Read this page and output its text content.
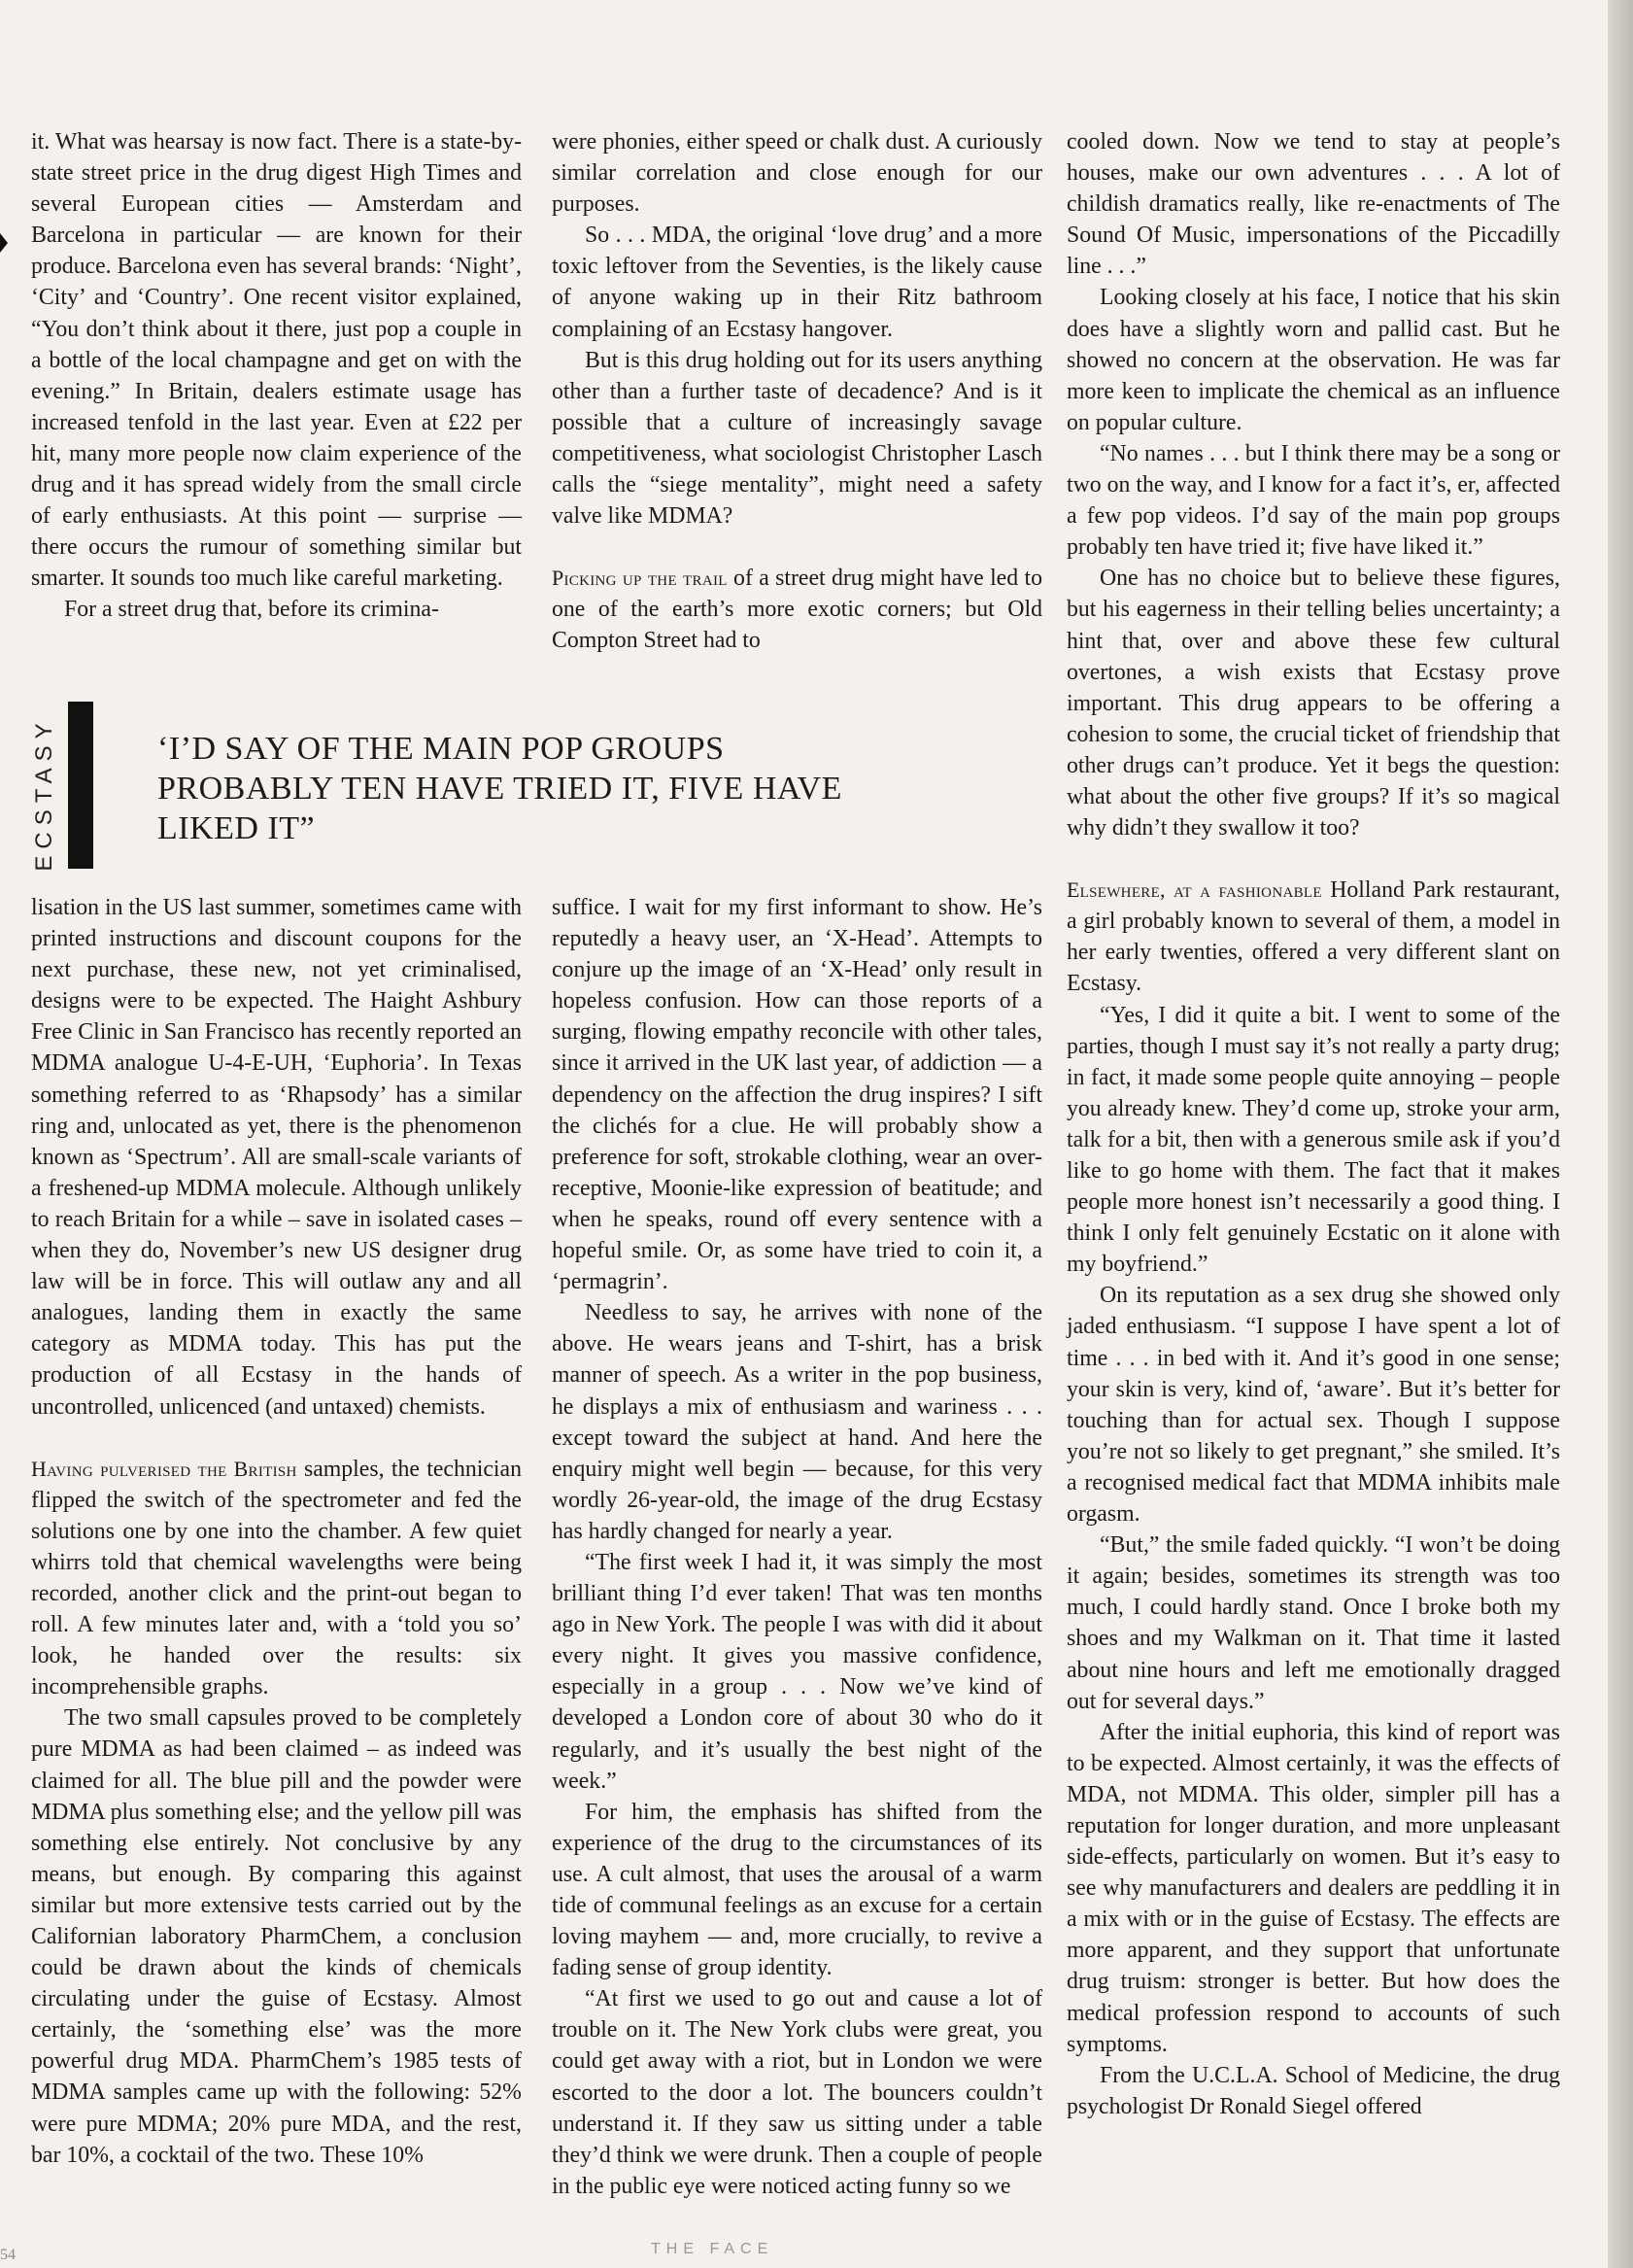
it. What was hearsay is now fact. There is a state-by-state street price in the drug digest High Times and several European cities — Amsterdam and Barcelona in particular — are known for their produce. Barcelona even has several brands: ‘Night’, ‘City’ and ‘Country’. One recent visitor explained, “You don’t think about it there, just pop a couple in a bottle of the local champagne and get on with the evening.” In Britain, dealers estimate usage has increased tenfold in the last year. Even at £22 per hit, many more people now claim experience of the drug and it has spread widely from the small circle of early enthusiasts. At this point — surprise — there occurs the rumour of something similar but smarter. It sounds too much like careful marketing.

For a street drug that, before its crimina-

were phonies, either speed or chalk dust. A curiously similar correlation and close enough for our purposes.

So . . . MDA, the original ‘love drug’ and a more toxic leftover from the Seventies, is the likely cause of anyone waking up in their Ritz bathroom complaining of an Ecstasy hangover.

But is this drug holding out for its users anything other than a further taste of decadence? And is it possible that a culture of increasingly savage competitiveness, what sociologist Christopher Lasch calls the “siege mentality”, might need a safety valve like MDMA?

Picking up the trail of a street drug might have led to one of the earth’s more exotic corners; but Old Compton Street had to

cooled down. Now we tend to stay at people’s houses, make our own adventures . . . A lot of childish dramatics really, like re-enactments of The Sound Of Music, impersonations of the Piccadilly line . . .”

Looking closely at his face, I notice that his skin does have a slightly worn and pallid cast. But he showed no concern at the observation. He was far more keen to implicate the chemical as an influence on popular culture.

“No names . . . but I think there may be a song or two on the way, and I know for a fact it’s, er, affected a few pop videos. I’d say of the main pop groups probably ten have tried it; five have liked it.”

One has no choice but to believe these figures, but his eagerness in their telling belies uncertainty; a hint that, over and above these few cultural overtones, a wish exists that Ecstasy prove important. This drug appears to be offering a cohesion to some, the crucial ticket of friendship that other drugs can’t produce. Yet it begs the question: what about the other five groups? If it’s so magical why didn’t they swallow it too?

Elsewhere, at a fashionable Holland Park restaurant, a girl probably known to several of them, a model in her early twenties, offered a very different slant on Ecstasy.

“Yes, I did it quite a bit. I went to some of the parties, though I must say it’s not really a party drug; in fact, it made some people quite annoying – people you already knew. They’d come up, stroke your arm, talk for a bit, then with a generous smile ask if you’d like to go home with them. The fact that it makes people more honest isn’t necessarily a good thing. I think I only felt genuinely Ecstatic on it alone with my boyfriend.”

On its reputation as a sex drug she showed only jaded enthusiasm. “I suppose I have spent a lot of time . . . in bed with it. And it’s good in one sense; your skin is very, kind of, ‘aware’. But it’s better for touching than for actual sex. Though I suppose you’re not so likely to get pregnant,” she smiled. It’s a recognised medical fact that MDMA inhibits male orgasm.

“But,” the smile faded quickly. “I won’t be doing it again; besides, sometimes its strength was too much, I could hardly stand. Once I broke both my shoes and my Walkman on it. That time it lasted about nine hours and left me emotionally dragged out for several days.”

After the initial euphoria, this kind of report was to be expected. Almost certainly, it was the effects of MDA, not MDMA. This older, simpler pill has a reputation for longer duration, and more unpleasant side-effects, particularly on women. But it’s easy to see why manufacturers and dealers are peddling it in a mix with or in the guise of Ecstasy. The effects are more apparent, and they support that unfortunate drug truism: stronger is better. But how does the medical profession respond to accounts of such symptoms.

From the U.C.L.A. School of Medicine, the drug psychologist Dr Ronald Siegel offered

ECSTASY	‘I’D SAY OF THE MAIN POP GROUPS
PROBABLY TEN HAVE TRIED IT, FIVE HAVE
LIKED IT”

lisation in the US last summer, sometimes came with printed instructions and discount coupons for the next purchase, these new, not yet criminalised, designs were to be expected. The Haight Ashbury Free Clinic in San Francisco has recently reported an MDMA analogue U-4-E-UH, ‘Euphoria’. In Texas something referred to as ‘Rhapsody’ has a similar ring and, unlocated as yet, there is the phenomenon known as ‘Spectrum’. All are small-scale variants of a freshened-up MDMA molecule. Although unlikely to reach Britain for a while – save in isolated cases – when they do, November’s new US designer drug law will be in force. This will outlaw any and all analogues, landing them in exactly the same category as MDMA today. This has put the production of all Ecstasy in the hands of uncontrolled, unlicenced (and untaxed) chemists.

Having pulverised the British samples, the technician flipped the switch of the spectrometer and fed the solutions one by one into the chamber. A few quiet whirrs told that chemical wavelengths were being recorded, another click and the print-out began to roll. A few minutes later and, with a ‘told you so’ look, he handed over the results: six incomprehensible graphs.

The two small capsules proved to be completely pure MDMA as had been claimed – as indeed was claimed for all. The blue pill and the powder were MDMA plus something else; and the yellow pill was something else entirely. Not conclusive by any means, but enough. By comparing this against similar but more extensive tests carried out by the Californian laboratory PharmChem, a conclusion could be drawn about the kinds of chemicals circulating under the guise of Ecstasy. Almost certainly, the ‘something else’ was the more powerful drug MDA. PharmChem’s 1985 tests of MDMA samples came up with the following: 52% were pure MDMA; 20% pure MDA, and the rest, bar 10%, a cocktail of the two. These 10%

suffice. I wait for my first informant to show. He’s reputedly a heavy user, an ‘X-Head’. Attempts to conjure up the image of an ‘X-Head’ only result in hopeless confusion. How can those reports of a surging, flowing empathy reconcile with other tales, since it arrived in the UK last year, of addiction — a dependency on the affection the drug inspires? I sift the clichés for a clue. He will probably show a preference for soft, strokable clothing, wear an over-receptive, Moonie-like expression of beatitude; and when he speaks, round off every sentence with a hopeful smile. Or, as some have tried to coin it, a ‘permagrin’.

Needless to say, he arrives with none of the above. He wears jeans and T-shirt, has a brisk manner of speech. As a writer in the pop business, he displays a mix of enthusiasm and wariness . . . except toward the subject at hand. And here the enquiry might well begin — because, for this very wordly 26-year-old, the image of the drug Ecstasy has hardly changed for nearly a year.

“The first week I had it, it was simply the most brilliant thing I’d ever taken! That was ten months ago in New York. The people I was with did it about every night. It gives you massive confidence, especially in a group . . . Now we’ve kind of developed a London core of about 30 who do it regularly, and it’s usually the best night of the week.”

For him, the emphasis has shifted from the experience of the drug to the circumstances of its use. A cult almost, that uses the arousal of a warm tide of communal feelings as an excuse for a certain loving mayhem — and, more crucially, to revive a fading sense of group identity.

“At first we used to go out and cause a lot of trouble on it. The New York clubs were great, you could get away with a riot, but in London we were escorted to the door a lot. The bouncers couldn’t understand it. If they saw us sitting under a table they’d think we were drunk. Then a couple of people in the public eye were noticed acting funny so we

THE FACE
54
